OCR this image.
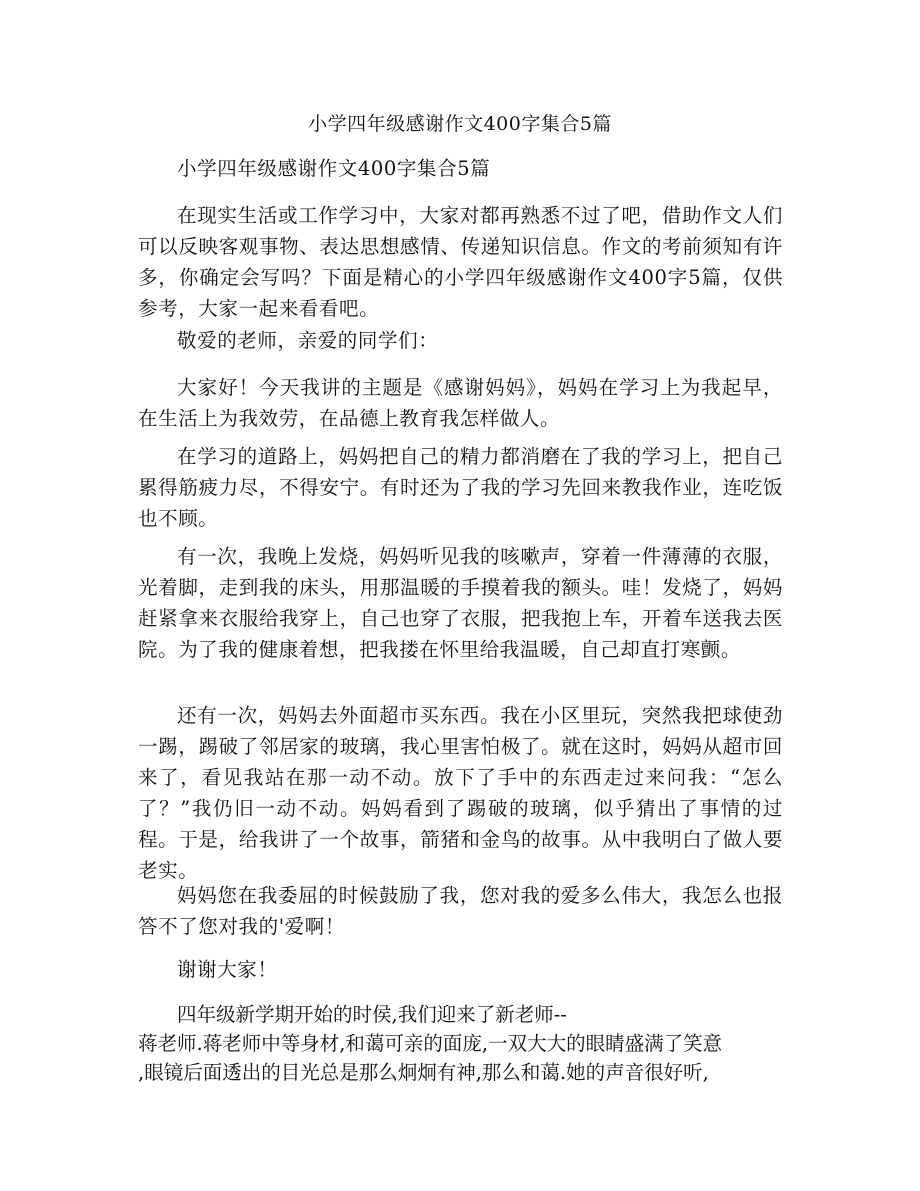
小学四年级感谢作文400字集合5篇

小学四年级感谢作文400字集合5篇

在现实生活或工作学习中，大家对都再熟悉不过了吧，借助作文人们可以反映客观事物、表达思想感情、传递知识信息。作文的考前须知有许多，你确定会写吗？下面是精心的小学四年级感谢作文400字5篇，仅供参考，大家一起来看看吧。

敬爱的老师，亲爱的同学们：

大家好！今天我讲的主题是《感谢妈妈》，妈妈在学习上为我起早，在生活上为我效劳，在品德上教育我怎样做人。

在学习的道路上，妈妈把自己的精力都消磨在了我的学习上，把自己累得筋疲力尽，不得安宁。有时还为了我的学习先回来教我作业，连吃饭也不顾。

有一次，我晚上发烧，妈妈听见我的咳嗽声，穿着一件薄薄的衣服，光着脚，走到我的床头，用那温暖的手摸着我的额头。哇！发烧了，妈妈赶紧拿来衣服给我穿上，自己也穿了衣服，把我抱上车，开着车送我去医院。为了我的健康着想，把我搂在怀里给我温暖，自己却直打寒颤。

还有一次，妈妈去外面超市买东西。我在小区里玩，突然我把球使劲一踢，踢破了邻居家的玻璃，我心里害怕极了。就在这时，妈妈从超市回来了，看见我站在那一动不动。放下了手中的东西走过来问我：“怎么了？”我仍旧一动不动。妈妈看到了踢破的玻璃，似乎猜出了事情的过程。于是，给我讲了一个故事，箭猪和金鸟的故事。从中我明白了做人要老实。

妈妈您在我委屈的时候鼓励了我，您对我的爱多么伟大，我怎么也报答不了您对我的'爱啊！

谢谢大家！

四年级新学期开始的时侯,我们迎来了新老师--
蒋老师.蒋老师中等身材,和蔼可亲的面庞,一双大大的眼睛盛满了笑意
,眼镜后面透出的目光总是那么炯炯有神,那么和蔼.她的声音很好听,
